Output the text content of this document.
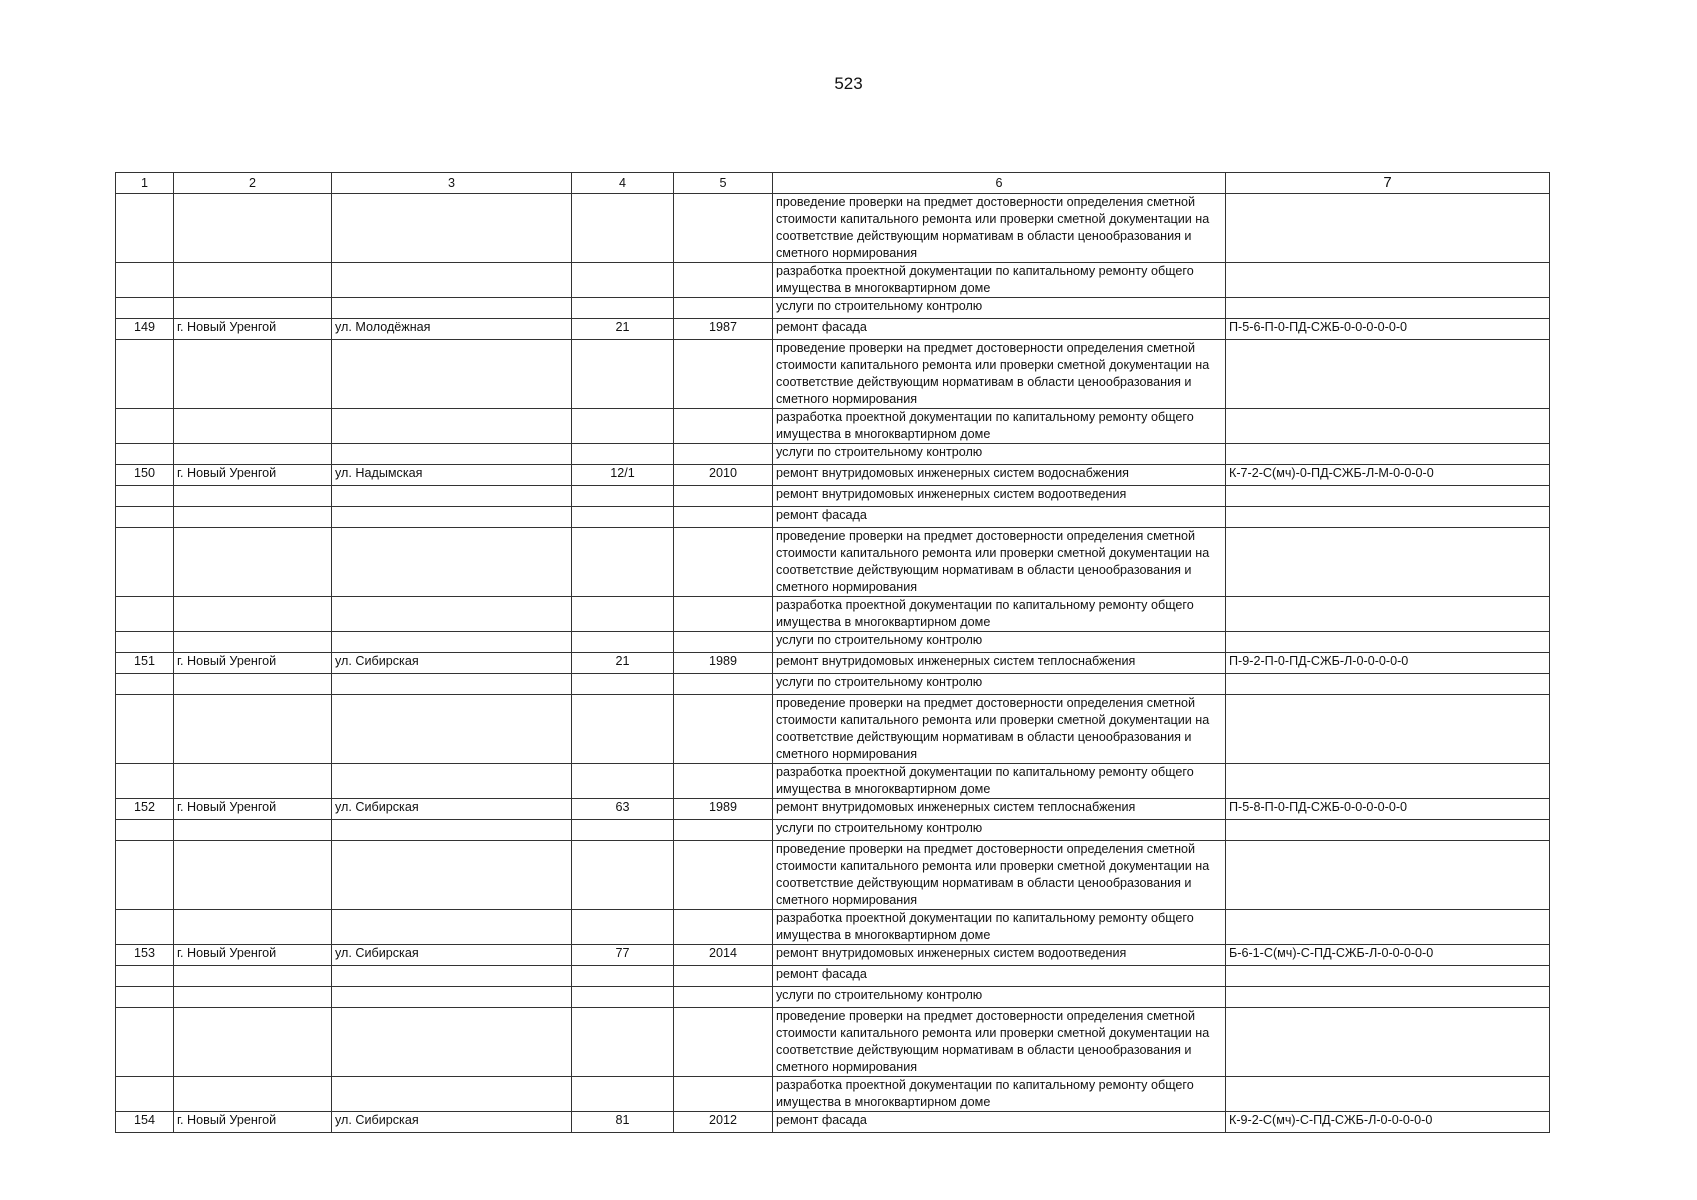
523
1	2	3	4	5	6	7
					проведение проверки на предмет достоверности определения сметной стоимости капитального ремонта или проверки сметной документации на соответствие действующим нормативам в области ценообразования и сметного нормирования	
					разработка проектной документации по капитальному ремонту общего имущества в многоквартирном доме	
					услуги по строительному контролю	
149	г. Новый Уренгой	ул. Молодёжная	21	1987	ремонт фасада	П-5-6-П-0-ПД-СЖБ-0-0-0-0-0-0
					проведение проверки на предмет достоверности определения сметной стоимости капитального ремонта или проверки сметной документации на соответствие действующим нормативам в области ценообразования и сметного нормирования	
					разработка проектной документации по капитальному ремонту общего имущества в многоквартирном доме	
					услуги по строительному контролю	
150	г. Новый Уренгой	ул. Надымская	12/1	2010	ремонт внутридомовых инженерных систем водоснабжения	К-7-2-С(мч)-0-ПД-СЖБ-Л-М-0-0-0-0
					ремонт внутридомовых инженерных систем водоотведения	
					ремонт фасада	
					проведение проверки на предмет достоверности определения сметной стоимости капитального ремонта или проверки сметной документации на соответствие действующим нормативам в области ценообразования и сметного нормирования	
					разработка проектной документации по капитальному ремонту общего имущества в многоквартирном доме	
					услуги по строительному контролю	
151	г. Новый Уренгой	ул. Сибирская	21	1989	ремонт внутридомовых инженерных систем теплоснабжения	П-9-2-П-0-ПД-СЖБ-Л-0-0-0-0-0
					услуги по строительному контролю	
					проведение проверки на предмет достоверности определения сметной стоимости капитального ремонта или проверки сметной документации на соответствие действующим нормативам в области ценообразования и сметного нормирования	
					разработка проектной документации по капитальному ремонту общего имущества в многоквартирном доме	
152	г. Новый Уренгой	ул. Сибирская	63	1989	ремонт внутридомовых инженерных систем теплоснабжения	П-5-8-П-0-ПД-СЖБ-0-0-0-0-0-0
					услуги по строительному контролю	
					проведение проверки на предмет достоверности определения сметной стоимости капитального ремонта или проверки сметной документации на соответствие действующим нормативам в области ценообразования и сметного нормирования	
					разработка проектной документации по капитальному ремонту общего имущества в многоквартирном доме	
153	г. Новый Уренгой	ул. Сибирская	77	2014	ремонт внутридомовых инженерных систем водоотведения	Б-6-1-С(мч)-С-ПД-СЖБ-Л-0-0-0-0-0
					ремонт фасада	
					услуги по строительному контролю	
					проведение проверки на предмет достоверности определения сметной стоимости капитального ремонта или проверки сметной документации на соответствие действующим нормативам в области ценообразования и сметного нормирования	
					разработка проектной документации по капитальному ремонту общего имущества в многоквартирном доме	
154	г. Новый Уренгой	ул. Сибирская	81	2012	ремонт фасада	К-9-2-С(мч)-С-ПД-СЖБ-Л-0-0-0-0-0
